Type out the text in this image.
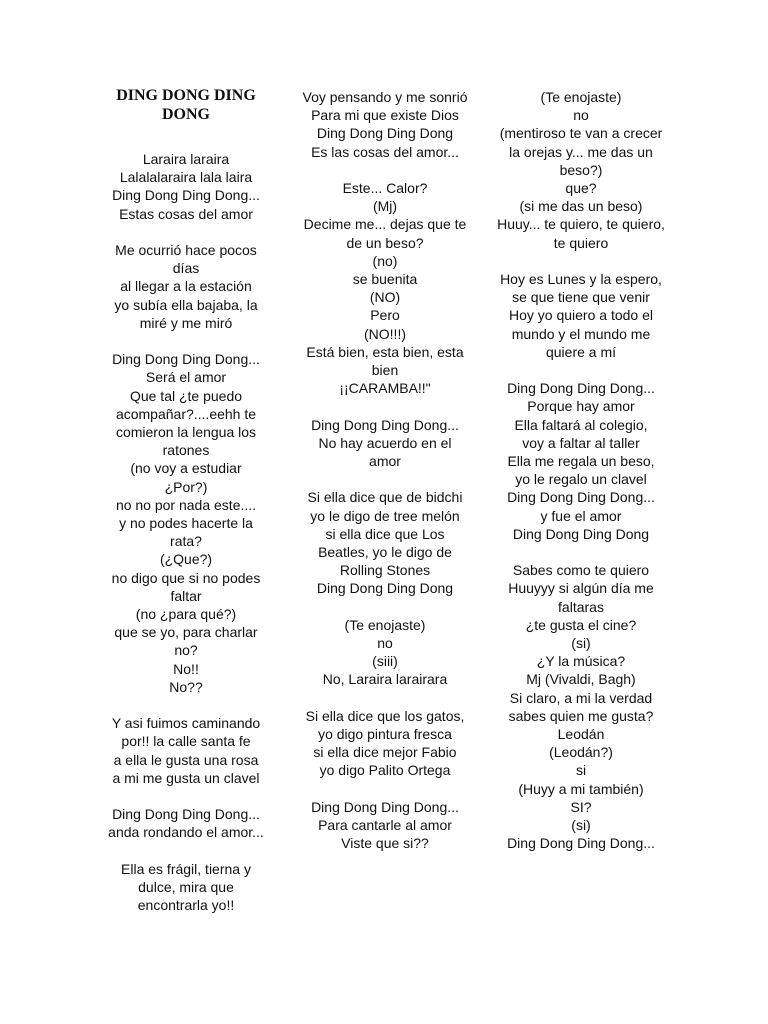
DING DONG DING DONG
Laraira laraira
Lalalalaraira lala laira
Ding Dong Ding Dong...
Estas cosas del amor
Me ocurrió hace pocos días
al llegar a la estación
yo subía ella bajaba, la miré y me miró
Ding Dong Ding Dong...
Será el amor
Que tal ¿te puedo acompañar?....eehh te comieron la lengua los ratones
(no voy a estudiar
¿Por?)
no no por nada este....
y no podes hacerte la rata?
(¿Que?)
no digo que si no podes faltar
(no ¿para qué?)
que se yo, para charlar
no?
No!!
No??
Y asi fuimos caminando por!! la calle santa fe
a ella le gusta una rosa
a mi me gusta un clavel
Ding Dong Ding Dong...
anda rondando el amor...
Ella es frágil, tierna y dulce, mira que encontrarla yo!!
Voy pensando y me sonrió
Para mi que existe Dios
Ding Dong Ding Dong
Es las cosas del amor...
Este... Calor?
(Mj)
Decime me... dejas que te de un beso?
(no)
se buenita
(NO)
Pero
(NO!!!)
Está bien, esta bien, esta bien
¡¡CARAMBA!!"
Ding Dong Ding Dong...
No hay acuerdo en el amor
Si ella dice que de bidchi yo le digo de tree melón
si ella dice que Los Beatles, yo le digo de Rolling Stones
Ding Dong Ding Dong
(Te enojaste)
no
(siii)
No, Laraira larairara
Si ella dice que los gatos, yo digo pintura fresca
si ella dice mejor Fabio
yo digo Palito Ortega
Ding Dong Ding Dong...
Para cantarle al amor
Viste que si??
(Te enojaste)
no
(mentiroso te van a crecer la orejas y... me das un beso?)
que?
(si me das un beso)
Huuy... te quiero, te quiero, te quiero
Hoy es Lunes y la espero, se que tiene que venir
Hoy yo quiero a todo el mundo y el mundo me quiere a mí
Ding Dong Ding Dong...
Porque hay amor
Ella faltará al colegio,
voy a faltar al taller
Ella me regala un beso,
yo le regalo un clavel
Ding Dong Ding Dong...
y fue el amor
Ding Dong Ding Dong
Sabes como te quiero
Huuyyy si algún día me faltaras
¿te gusta el cine?
(si)
¿Y la música?
Mj (Vivaldi, Bagh)
Si claro, a mi la verdad sabes quien me gusta?
Leodán
(Leodán?)
si
(Huyy a mi también)
SI?
(si)
Ding Dong Ding Dong...
